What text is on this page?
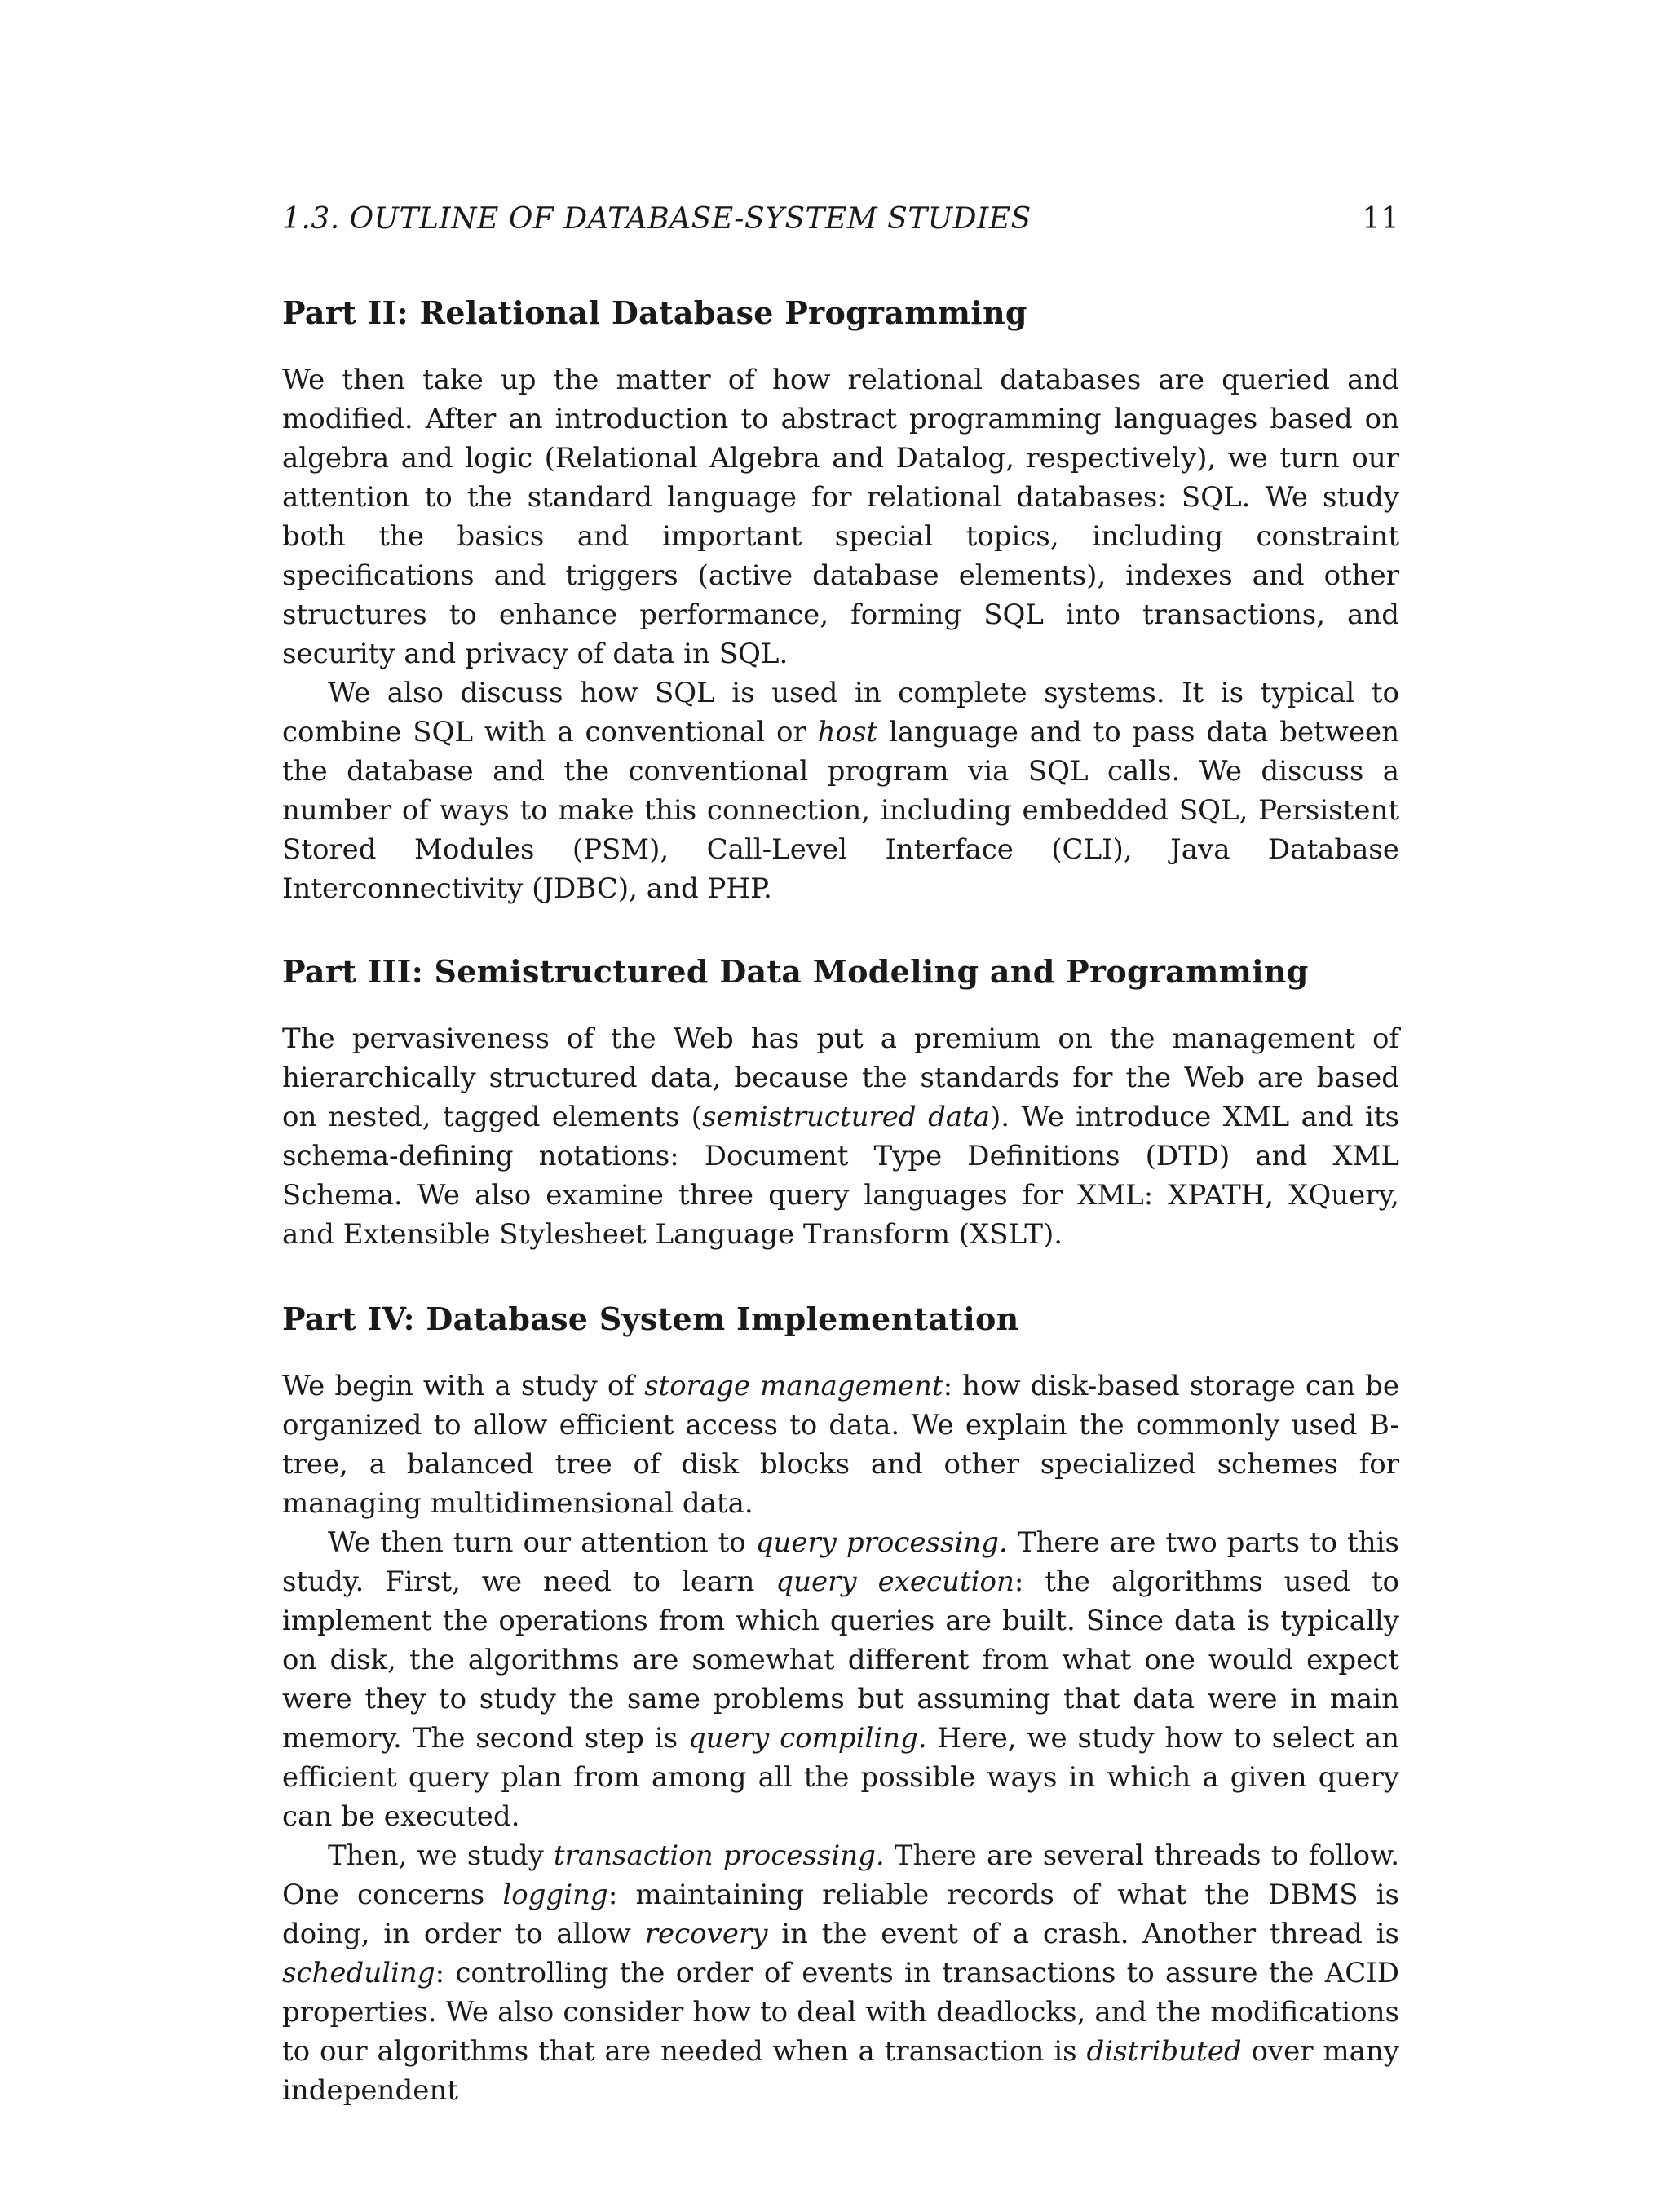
1.3. OUTLINE OF DATABASE-SYSTEM STUDIES	11
Part II: Relational Database Programming

We then take up the matter of how relational databases are queried and modified. After an introduction to abstract programming languages based on algebra and logic (Relational Algebra and Datalog, respectively), we turn our attention to the standard language for relational databases: SQL. We study both the basics and important special topics, including constraint specifications and triggers (active database elements), indexes and other structures to enhance performance, forming SQL into transactions, and security and privacy of data in SQL.

We also discuss how SQL is used in complete systems. It is typical to combine SQL with a conventional or host language and to pass data between the database and the conventional program via SQL calls. We discuss a number of ways to make this connection, including embedded SQL, Persistent Stored Modules (PSM), Call-Level Interface (CLI), Java Database Interconnectivity (JDBC), and PHP.

Part III: Semistructured Data Modeling and Programming

The pervasiveness of the Web has put a premium on the management of hierarchically structured data, because the standards for the Web are based on nested, tagged elements (semistructured data). We introduce XML and its schema-defining notations: Document Type Definitions (DTD) and XML Schema. We also examine three query languages for XML: XPATH, XQuery, and Extensible Stylesheet Language Transform (XSLT).

Part IV: Database System Implementation

We begin with a study of storage management: how disk-based storage can be organized to allow efficient access to data. We explain the commonly used B-tree, a balanced tree of disk blocks and other specialized schemes for managing multidimensional data.

We then turn our attention to query processing. There are two parts to this study. First, we need to learn query execution: the algorithms used to implement the operations from which queries are built. Since data is typically on disk, the algorithms are somewhat different from what one would expect were they to study the same problems but assuming that data were in main memory. The second step is query compiling. Here, we study how to select an efficient query plan from among all the possible ways in which a given query can be executed.

Then, we study transaction processing. There are several threads to follow. One concerns logging: maintaining reliable records of what the DBMS is doing, in order to allow recovery in the event of a crash. Another thread is scheduling: controlling the order of events in transactions to assure the ACID properties. We also consider how to deal with deadlocks, and the modifications to our algorithms that are needed when a transaction is distributed over many independent
